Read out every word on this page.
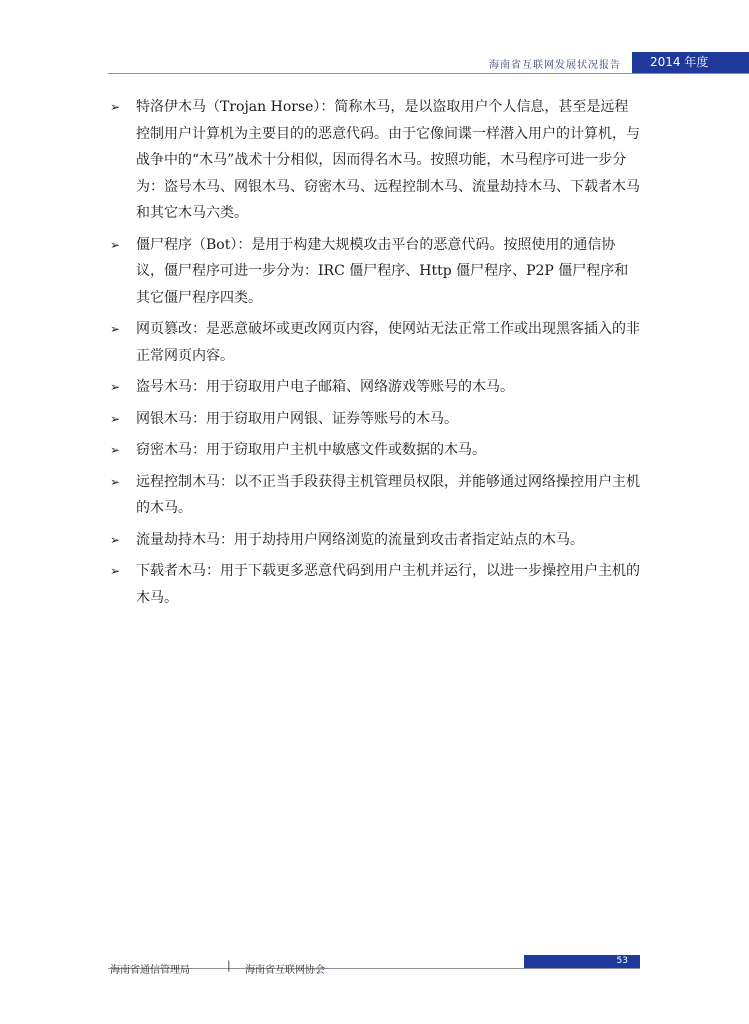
海南省互联网发展状况报告	2014 年度
➢ 特洛伊木马（Trojan Horse）：简称木马，是以盗取用户个人信息，甚至是远程控制用户计算机为主要目的的恶意代码。由于它像间谍一样潜入用户的计算机，与战争中的“木马”战术十分相似，因而得名木马。按照功能，木马程序可进一步分为：盗号木马、网银木马、窃密木马、远程控制木马、流量劫持木马、下载者木马和其它木马六类。
➢ 僵尸程序（Bot）：是用于构建大规模攻击平台的恶意代码。按照使用的通信协议，僵尸程序可进一步分为：IRC 僵尸程序、Http 僵尸程序、P2P 僵尸程序和其它僵尸程序四类。
➢ 网页篡改：是恶意破坏或更改网页内容，使网站无法正常工作或出现黑客插入的非正常网页内容。
➢ 盗号木马：用于窃取用户电子邮箱、网络游戏等账号的木马。
➢ 网银木马：用于窃取用户网银、证券等账号的木马。
➢ 窃密木马：用于窃取用户主机中敏感文件或数据的木马。
➢ 远程控制木马：以不正当手段获得主机管理员权限，并能够通过网络操控用户主机的木马。
➢ 流量劫持木马：用于劫持用户网络浏览的流量到攻击者指定站点的木马。
➢ 下载者木马：用于下载更多恶意代码到用户主机并运行，以进一步操控用户主机的木马。
53
海南省通信管理局	| 海南省互联网协会
